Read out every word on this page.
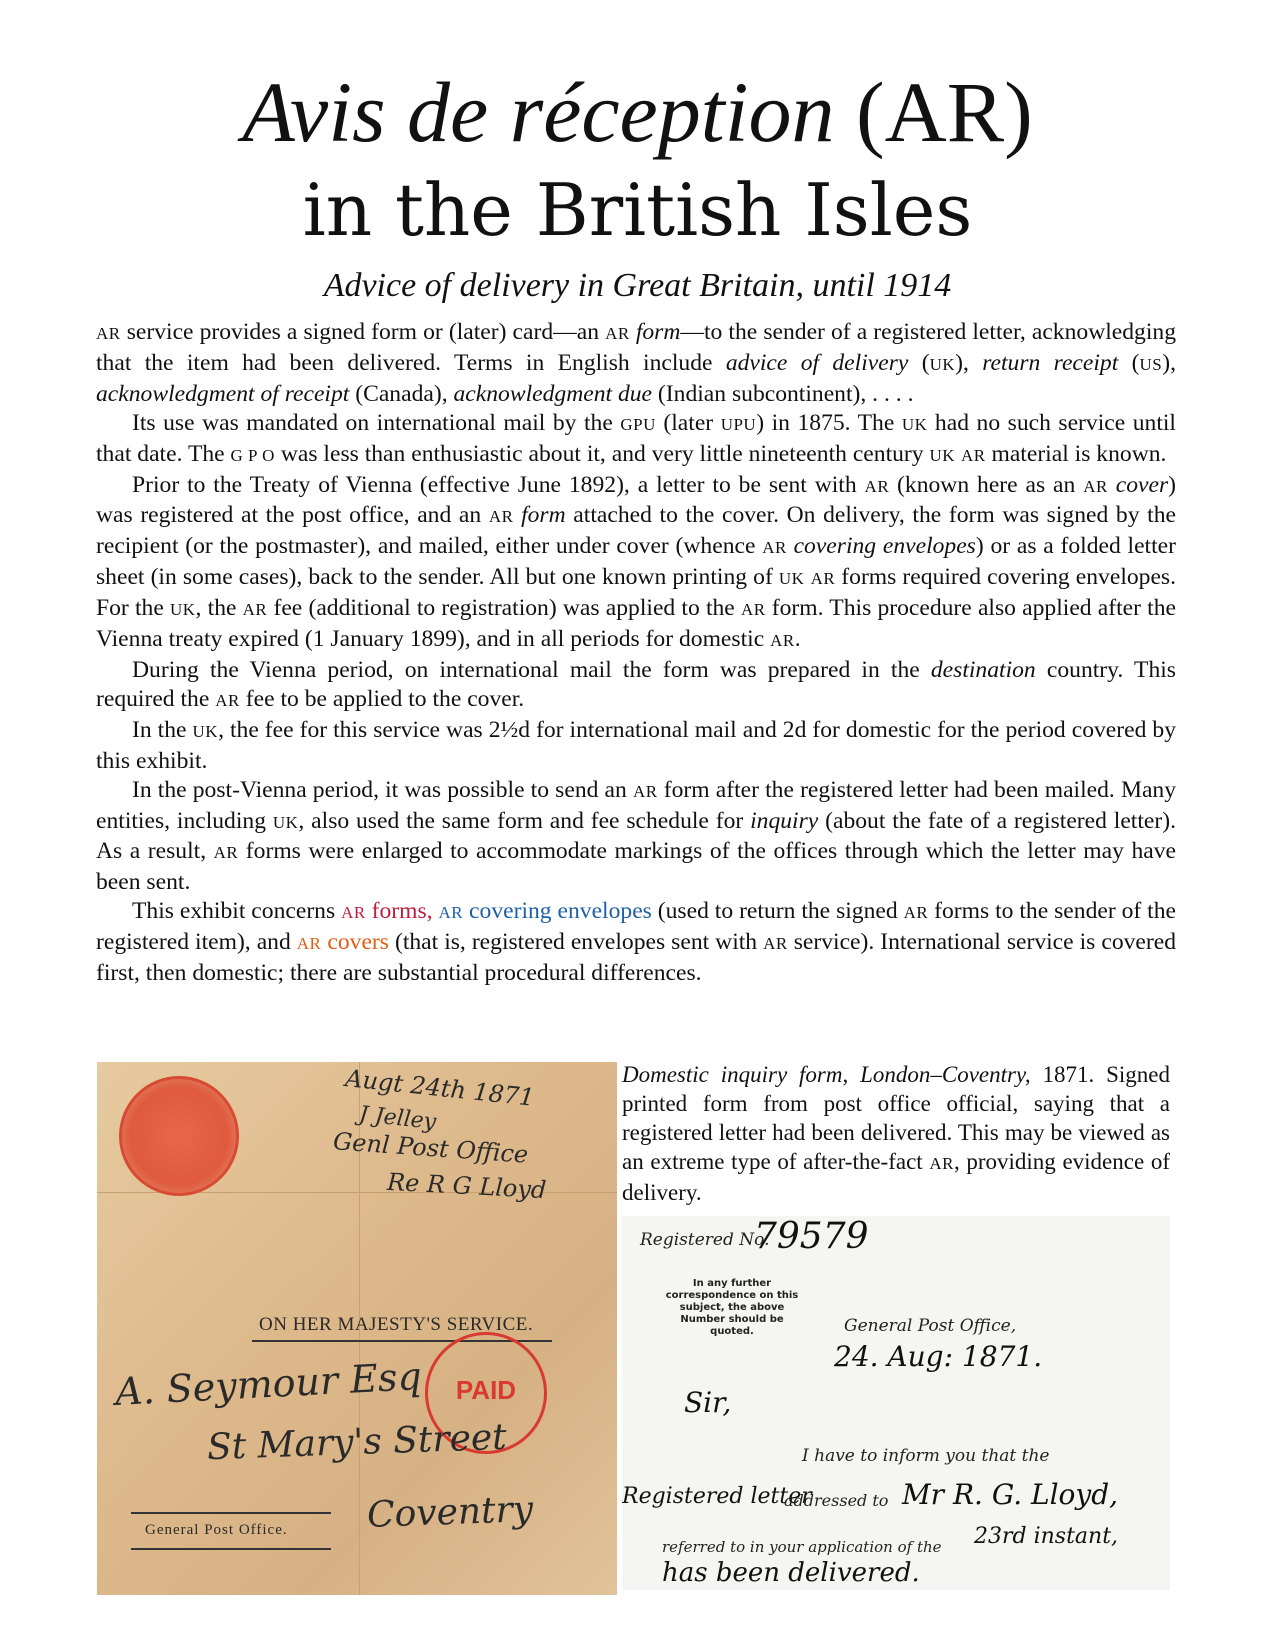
Avis de réception (AR)
in the British Isles
Advice of delivery in Great Britain, until 1914

AR service provides a signed form or (later) card—an AR form—to the sender of a registered letter, acknowledging that the item had been delivered. Terms in English include advice of delivery (UK), return receipt (US), acknowledgment of receipt (Canada), acknowledgment due (Indian subcontinent), . . . .

Its use was mandated on international mail by the GPU (later UPU) in 1875. The UK had no such service until that date. The G P O was less than enthusiastic about it, and very little nineteenth century UK AR material is known.

Prior to the Treaty of Vienna (effective June 1892), a letter to be sent with AR (known here as an AR cover) was registered at the post office, and an AR form attached to the cover. On delivery, the form was signed by the recipient (or the postmaster), and mailed, either under cover (whence AR covering envelopes) or as a folded letter sheet (in some cases), back to the sender. All but one known printing of UK AR forms required covering envelopes. For the UK, the AR fee (additional to registration) was applied to the AR form. This procedure also applied after the Vienna treaty expired (1 January 1899), and in all periods for domestic AR.

During the Vienna period, on international mail the form was prepared in the destination country. This required the AR fee to be applied to the cover.

In the UK, the fee for this service was 2½d for international mail and 2d for domestic for the period covered by this exhibit.

In the post-Vienna period, it was possible to send an AR form after the registered letter had been mailed. Many entities, including UK, also used the same form and fee schedule for inquiry (about the fate of a registered letter). As a result, AR forms were enlarged to accommodate markings of the offices through which the letter may have been sent.

This exhibit concerns AR forms, AR covering envelopes (used to return the signed AR forms to the sender of the registered item), and AR covers (that is, registered envelopes sent with AR service). International service is covered first, then domestic; there are substantial procedural differences.

Augt 24th 1871
J Jelley
Genl Post Office
Re R G Lloyd
ON HER MAJESTY'S SERVICE.
PAID
A. Seymour Esq
St Mary's Street
Coventry
General Post Office.
Domestic inquiry form, London–Coventry, 1871. Signed printed form from post office official, saying that a registered letter had been delivered. This may be viewed as an extreme type of after-the-fact AR, providing evidence of delivery.
Registered No.
79579
In any further correspondence on this subject, the above Number should be quoted.	General Post Office,
24. Aug: 1871.
Sir,
I have to inform you that the
Registered letter
addressed to Mr R. G. Lloyd,
referred to in your application of the 23rd instant,
has been delivered.
